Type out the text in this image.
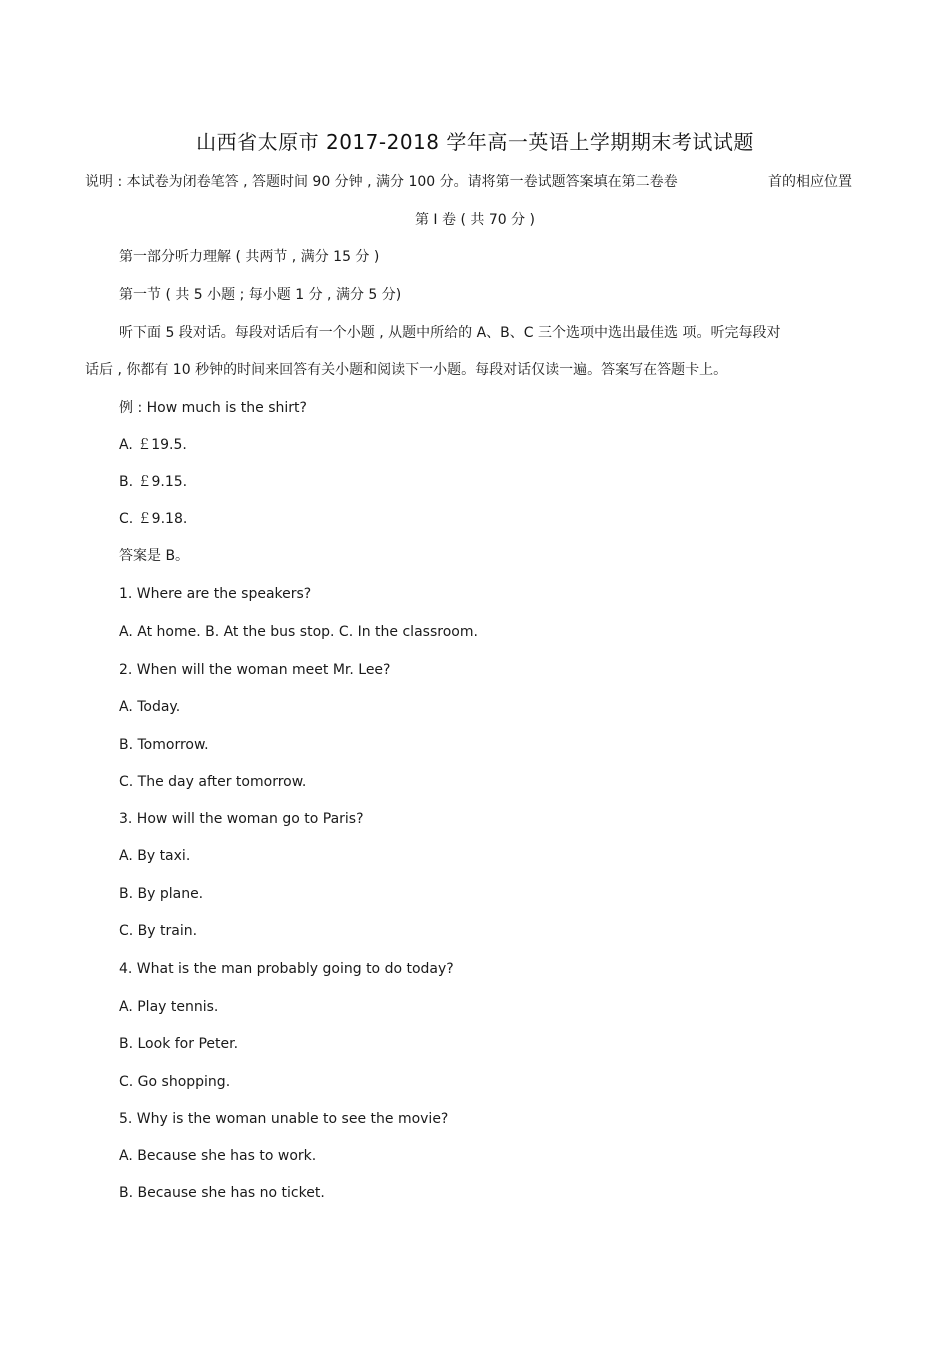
山西省太原市 2017-2018 学年高一英语上学期期末考试试题
说明 : 本试卷为闭卷笔答 , 答题时间 90 分钟 , 满分 100 分。请将第一卷试题答案填在第二卷卷	首的相应位置
第 Ⅰ 卷 ( 共 70 分 )
第一部分听力理解 ( 共两节 , 满分 15 分 )
第一节 ( 共 5 小题 ; 每小题 1 分 , 满分 5 分)
听下面 5 段对话。每段对话后有一个小题 , 从题中所给的 A、B、C 三个选项中选出最佳选 项。听完每段对
话后 , 你都有 10 秒钟的时间来回答有关小题和阅读下一小题。每段对话仅读一遍。答案写在答题卡上。
例 : How much is the shirt?
A. ￡19.5.
B. ￡9.15.
C. ￡9.18.
答案是 B。
1. Where are the speakers?
A. At home. B. At the bus stop. C. In the classroom.
2. When will the woman meet Mr. Lee?
A. Today.
B. Tomorrow.
C. The day after tomorrow.
3. How will the woman go to Paris?
A. By taxi.
B. By plane.
C. By train.
4. What is the man probably going to do today?
A. Play tennis.
B. Look for Peter.
C. Go shopping.
5. Why is the woman unable to see the movie?
A. Because she has to work.
B. Because she has no ticket.
